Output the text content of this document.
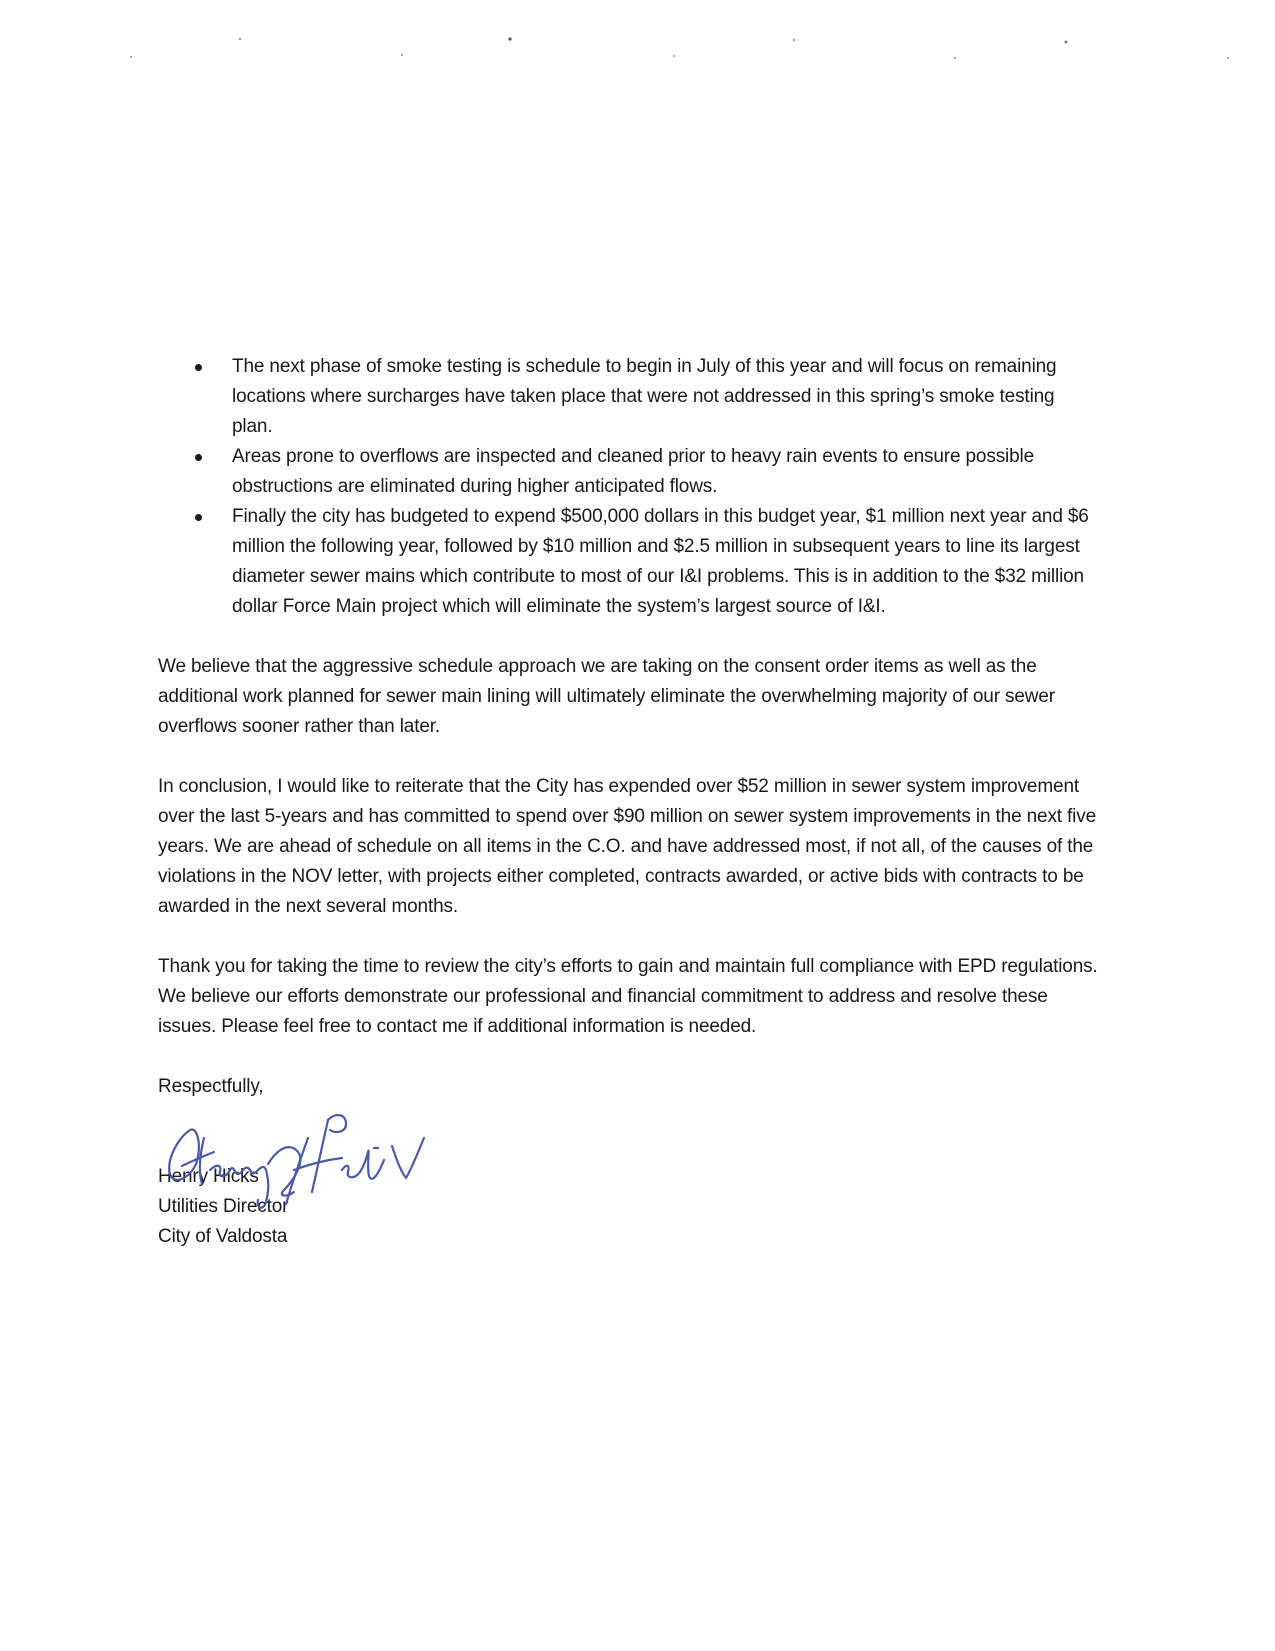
The next phase of smoke testing is schedule to begin in July of this year and will focus on remaining locations where surcharges have taken place that were not addressed in this spring’s smoke testing plan.
Areas prone to overflows are inspected and cleaned prior to heavy rain events to ensure possible obstructions are eliminated during higher anticipated flows.
Finally the city has budgeted to expend $500,000 dollars in this budget year, $1 million next year and $6 million the following year, followed by $10 million and $2.5 million in subsequent years to line its largest diameter sewer mains which contribute to most of our I&I problems. This is in addition to the $32 million dollar Force Main project which will eliminate the system’s largest source of I&I.

We believe that the aggressive schedule approach we are taking on the consent order items as well as the additional work planned for sewer main lining will ultimately eliminate the overwhelming majority of our sewer overflows sooner rather than later.

In conclusion, I would like to reiterate that the City has expended over $52 million in sewer system improvement over the last 5-years and has committed to spend over $90 million on sewer system improvements in the next five years. We are ahead of schedule on all items in the C.O. and have addressed most, if not all, of the causes of the violations in the NOV letter, with projects either completed, contracts awarded, or active bids with contracts to be awarded in the next several months.

Thank you for taking the time to review the city’s efforts to gain and maintain full compliance with EPD regulations. We believe our efforts demonstrate our professional and financial commitment to address and resolve these issues. Please feel free to contact me if additional information is needed.

Respectfully,
Henry Hicks
Utilities Director
City of Valdosta
